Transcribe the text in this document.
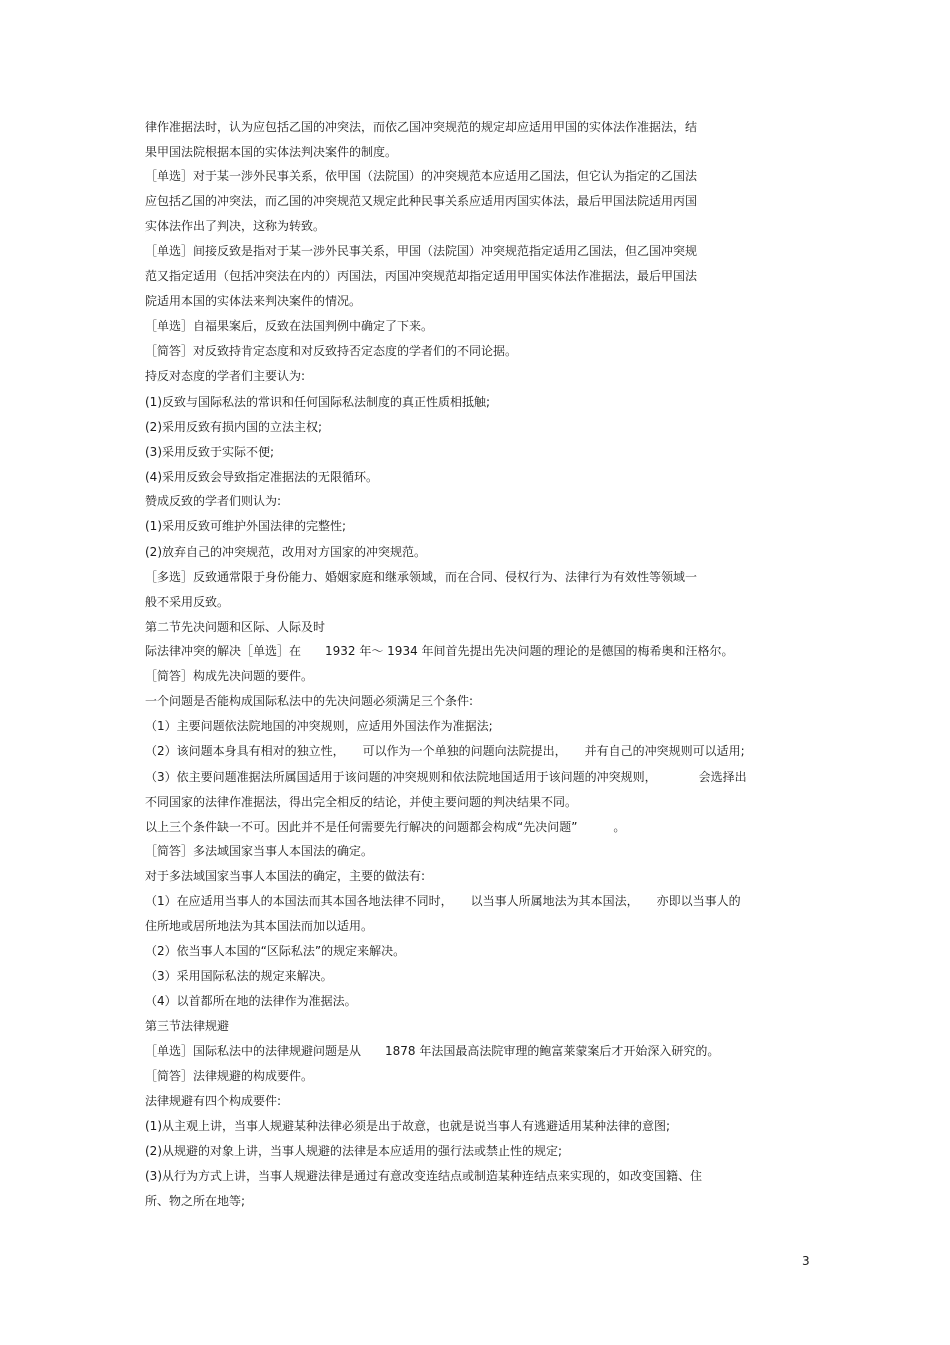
律作准据法时，认为应包括乙国的冲突法，而依乙国冲突规范的规定却应适用甲国的实体法作准据法，结
果甲国法院根据本国的实体法判决案件的制度。
［单选］对于某一涉外民事关系，依甲国（法院国）的冲突规范本应适用乙国法，但它认为指定的乙国法
应包括乙国的冲突法，而乙国的冲突规范又规定此种民事关系应适用丙国实体法，最后甲国法院适用丙国
实体法作出了判决，这称为转致。
［单选］间接反致是指对于某一涉外民事关系，甲国（法院国）冲突规范指定适用乙国法，但乙国冲突规
范又指定适用（包括冲突法在内的）丙国法，丙国冲突规范却指定适用甲国实体法作准据法，最后甲国法
院适用本国的实体法来判决案件的情况。
［单选］自福果案后，反致在法国判例中确定了下来。
［简答］对反致持肯定态度和对反致持否定态度的学者们的不同论据。
持反对态度的学者们主要认为:
(1)反致与国际私法的常识和任何国际私法制度的真正性质相抵触;
(2)采用反致有损内国的立法主权;
(3)采用反致于实际不便;
(4)采用反致会导致指定准据法的无限循环。
赞成反致的学者们则认为:
(1)采用反致可维护外国法律的完整性;
(2)放弃自己的冲突规范，改用对方国家的冲突规范。
［多选］反致通常限于身份能力、婚姻家庭和继承领域，而在合同、侵权行为、法律行为有效性等领域一
般不采用反致。
第二节先决问题和区际、人际及时
际法律冲突的解决［单选］在　　1932 年～ 1934 年间首先提出先决问题的理论的是德国的梅希奥和汪格尔。
［简答］构成先决问题的要件。
一个问题是否能构成国际私法中的先决问题必须满足三个条件:
（1）主要问题依法院地国的冲突规则，应适用外国法作为准据法;
（2）该问题本身具有相对的独立性，　　可以作为一个单独的问题向法院提出，　　并有自己的冲突规则可以适用;
（3）依主要问题准据法所属国适用于该问题的冲突规则和依法院地国适用于该问题的冲突规则，　　　　会选择出
不同国家的法律作准据法，得出完全相反的结论，并使主要问题的判决结果不同。
以上三个条件缺一不可。因此并不是任何需要先行解决的问题都会构成“先决问题”　　　。
［简答］多法域国家当事人本国法的确定。
对于多法域国家当事人本国法的确定，主要的做法有:
（1）在应适用当事人的本国法而其本国各地法律不同时，　　以当事人所属地法为其本国法，　　亦即以当事人的
住所地或居所地法为其本国法而加以适用。
（2）依当事人本国的“区际私法”的规定来解决。
（3）采用国际私法的规定来解决。
（4）以首都所在地的法律作为准据法。
第三节法律规避
［单选］国际私法中的法律规避问题是从　　1878 年法国最高法院审理的鲍富莱蒙案后才开始深入研究的。
［简答］法律规避的构成要件。
法律规避有四个构成要件:
(1)从主观上讲，当事人规避某种法律必须是出于故意，也就是说当事人有逃避适用某种法律的意图;
(2)从规避的对象上讲，当事人规避的法律是本应适用的强行法或禁止性的规定;
(3)从行为方式上讲，当事人规避法律是通过有意改变连结点或制造某种连结点来实现的，如改变国籍、住
所、物之所在地等;
3
